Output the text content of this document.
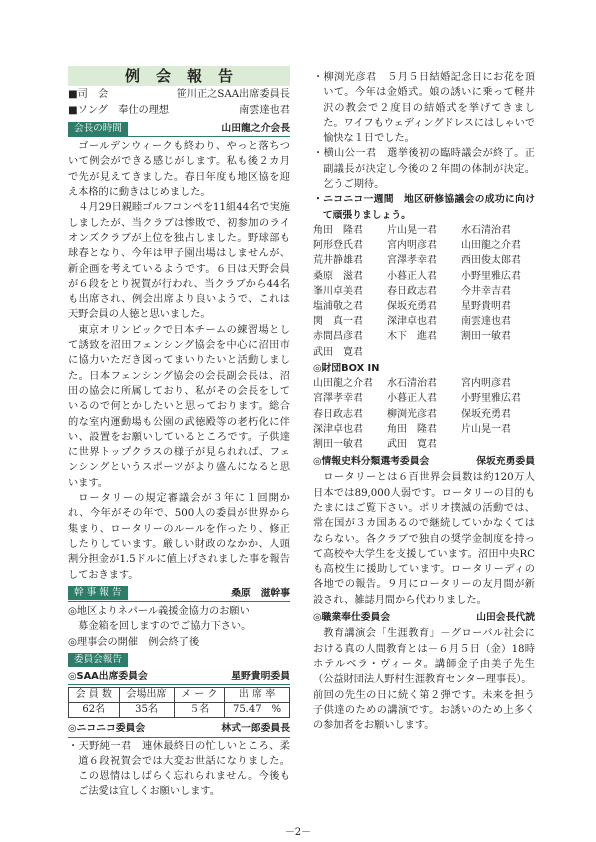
例会報告
■司　会	笹川正之SAA出席委員長
■ソング　奉仕の理想	南雲達也君
会長の時間	山田龍之介会長

ゴールデンウィークも終わり、やっと落ちついて例会ができる感じがします。私も後２カ月で先が見えてきました。春日年度も地区協を迎え本格的に動きはじめました。

４月29日親睦ゴルフコンペを11組44名で実施しましたが、当クラブは惨敗で、初参加のライオンズクラブが上位を独占しました。野球部も球春となり、今年は甲子園出場はしませんが、新企画を考えているようです。６日は天野会員が６段をとり祝賀が行われ、当クラブから44名も出席され、例会出席より良いようで、これは天野会員の人徳と思いました。

東京オリンピックで日本チームの練習場として誘致を沼田フェンシング協会を中心に沼田市に協力いただき図ってまいりたいと活動しました。日本フェンシング協会の会長副会長は、沼田の協会に所属しており、私がその会長をしているので何とかしたいと思っております。総合的な室内運動場も公園の武徳殿等の老朽化に伴い、設置をお願いしているところです。子供達に世界トップクラスの様子が見られれば、フェンシングというスポーツがより盛んになると思います。

ロータリーの規定審議会が３年に１回開かれ、今年がその年で、500人の委員が世界から集まり、ロータリーのルールを作ったり、修正したりしています。厳しい財政のなかか、人頭割分担金が1.5ドルに値上げされました事を報告しておきます。

幹 事 報 告	桑原　滋幹事

◎地区よりネパール義援金協力のお願い

　募金箱を回しますのでご協力下さい。

◎理事会の開催　例会終了後

委員会報告
◎SAA出席委員会	星野貴明委員
会 員 数	会場出席	メ ー ク	出 席 率
62名	35名	５名	75.47　%
◎ニコニコ委員会	林式一郎委員長

・天野純一君　連休最終日の忙しいところ、柔道６段祝賀会では大変お世話になりました。この恩情はしばらく忘れられません。今後もご法愛は宜しくお願いします。

・柳渕光彦君　５月５日結婚記念日にお花を頂いて。今年は金婚式。娘の誘いに乗って軽井沢の教会で２度目の結婚式を挙げてきました。ワイフもウェディングドレスにはしゃいで愉快な１日でした。

・横山公一君　選挙後初の臨時議会が終了。正副議長が決定し今後の２年間の体制が決定。乞うご期待。

・ニコニコ一週間　地区研修協議会の成功に向けて頑張りましょう。

角田　隆君	片山晃一君	水石清治君
阿形登氏君	宮内明彦君	山田龍之介君
荒井静雄君	宮澤孝幸君	西田俊太郎君
桑原　滋君	小暮正人君	小野里雅広君
峯川卓美君	春日政志君	今井幸吉君
塩浦敬之君	保坂充勇君	星野貴明君
関　真一君	深津卓也君	南雲達也君
赤間昌彦君	木下　進君	割田一敏君
武田　寛君

◎財団BOX IN

山田龍之介君	水石清治君	宮内明彦君
宮澤孝幸君	小暮正人君	小野里雅広君
春日政志君	柳渕光彦君	保坂充勇君
深津卓也君	角田　隆君	片山晃一君
割田一敏君	武田　寛君
◎情報史料分類選考委員会	保坂充勇委員

ロータリーとは６百世界会員数は約120万人日本では89,000人弱です。ロータリーの目的もたまにはご覧下さい。ポリオ撲滅の活動では、常在国が３カ国あるので継続していかなくてはならない。各クラブで独自の奨学金制度を持って高校や大学生を支援しています。沼田中央RCも高校生に援助しています。ロータリーディの各地での報告。９月にロータリーの友月間が新設され、雑誌月間から代わりました。

◎職業奉仕委員会	山田会長代読

教育講演会「生涯教育」－グローバル社会における真の人間教育とは－６月５日（金）18時ホテルベラ・ヴィータ。講師金子由美子先生（公益財団法人野村生涯教育センター理事長）。

前回の先生の日に続く第２弾です。未来を担う子供達のための講演です。お誘いのため上多くの参加者をお願いします。

－2－
